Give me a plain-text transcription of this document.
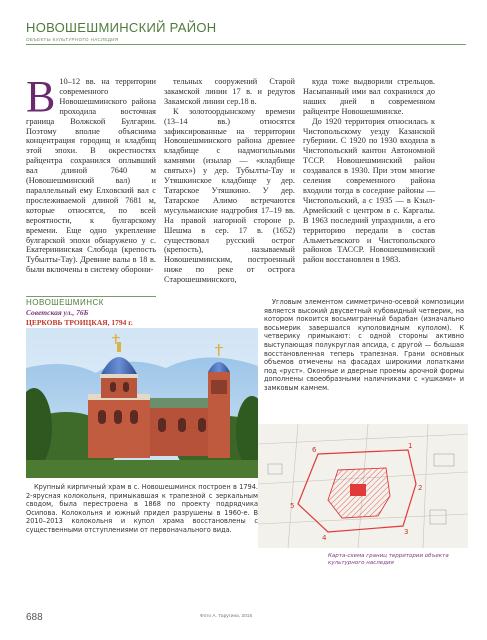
НОВОШЕШМИНСКИЙ РАЙОН
ОБЪЕКТЫ КУЛЬТУРНОГО НАСЛЕДИЯ

В 10–12 вв. на территории современного Новошешминского района проходила восточная граница Волжской Булгарии. Поэтому вполне объяснима концентрация городищ и кладбищ этой эпохи. В окрестностях райцентра сохранился оплывший вал длиной 7640 м (Новошешминский вал) и параллельный ему Елховский вал с прослеживаемой длиной 7681 м, которые относятся, по всей вероятности, к булгарскому времени. Еще одно укрепление булгарской эпохи обнаружено у с. Екатерининская Слобода (крепость Тубылты-Тау). Древние валы в 18 в. были включены в систему оборони-

тельных сооружений Старой закамской линии 17 в. и редутов Закамской линии сер.18 в.

К золотоордынскому времени (13–14 вв.) относятся зафиксированные на территории Новошешминского района древнее кладбище с надмогильными камнями (изылар — «кладбище святых») у дер. Тубылты-Тау и Утяшкинское кладбище у дер. Татарское Утяшкино. У дер. Татарское Алимо встречаются мусульманские надгробия 17–19 вв. На правой нагорной стороне р. Шешма в сер. 17 в. (1652) существовал русский острог (крепость), называемый Новошешминским, построенный ниже по реке от острога Старошешминского,

куда тоже выдворили стрельцов. Насыпанный ими вал сохранился до наших дней в современном райцентре Новошешминске.

До 1920 территория относилась к Чистопольскому уезду Казанской губернии. С 1920 по 1930 входила в Чистопольский кантон Автономной ТССР. Новошешминский район создавался в 1930. При этом многие селения современного района входили тогда в соседние районы — Чистопольский, а с 1935 — в Кзыл-Армейский с центром в с. Каргалы. В 1963 последний упразднили, а его территорию передали в состав Альметьевского и Чистопольского районов ТАССР. Новошешминский район восстановлен в 1983.

НОВОШЕШМИНСК
Советская ул., 76Б
ЦЕРКОВЬ ТРОИЦКАЯ, 1794 г.

Угловым элементом симметрично-осевой композиции является высокий двусветный кубовидный четверик, на котором покоится восьмигранный барабан (изначально восьмерик завершался куполовидным куполом). К четверику примыкают: с одной стороны активно выступающая полукруглая апсида, с другой — большая восстановленная теперь трапезная. Грани основных объемов отмечены на фасадах широкими лопатками под «руст». Оконные и дверные проемы арочной формы дополнены своеобразными наличниками с «ушками» и замковым камнем.

1
2
3
4
5
6
Карта-схема границ территории объекта культурного наследия

Крупный кирпичный храм в с. Новошешминск построен в 1794. 2-ярусная колокольня, примыкавшая к трапезной с зеркальным сводом, была перестроена в 1868 по проекту подрядчика Осипова. Колокольня и южный придел разрушены в 1960-е. В 2010–2013 колокольня и купол храма восстановлены с существенными отступлениями от первоначального вида.

688	Фото А. Тарутина, 2016
